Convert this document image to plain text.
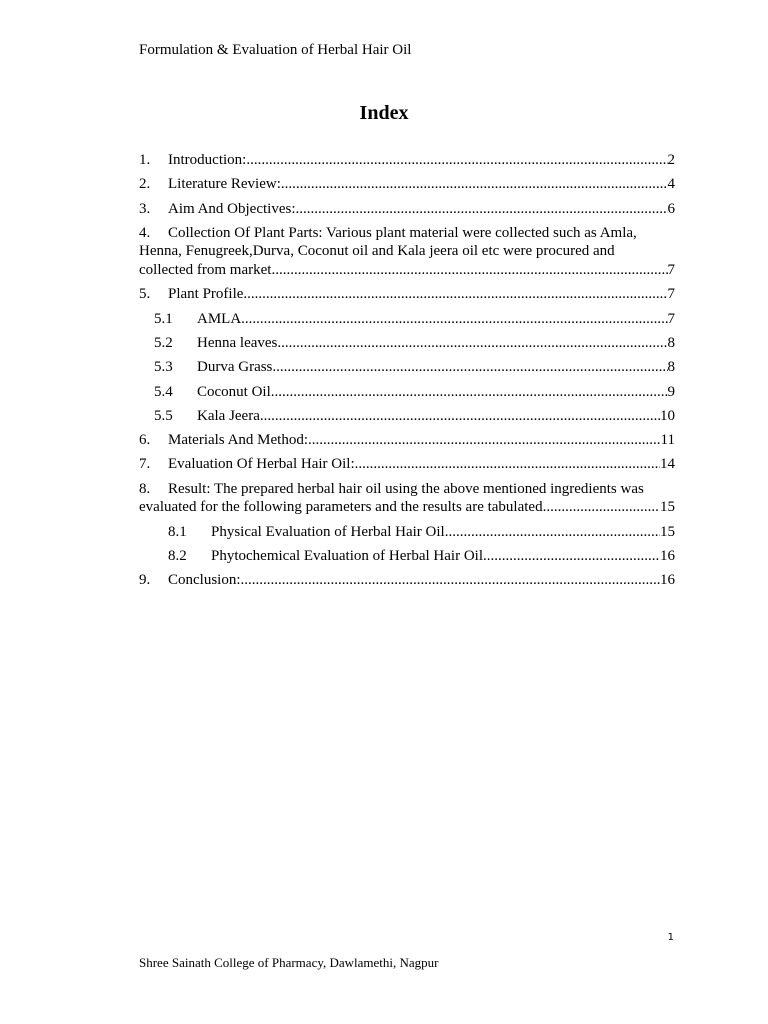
Formulation & Evaluation of Herbal Hair Oil
Index
1.	Introduction: .....	2
2.	Literature Review: .....	4
3.	Aim And Objectives: .....	6
4. Collection Of Plant Parts: Various plant material were collected such as Amla,
Henna, Fenugreek,Durva, Coconut oil and Kala jeera oil etc were procured and
collected from market .....	7
5.	Plant Profile .....	7
5.1	AMLA .....	7
5.2	Henna leaves .....	8
5.3	Durva Grass .....	8
5.4	Coconut Oil .....	9
5.5	Kala Jeera .....	10
6.	Materials And Method: .....	11
7.	Evaluation Of Herbal Hair Oil: .....	14
8. Result: The prepared herbal hair oil using the above mentioned ingredients was
evaluated for the following parameters and the results are tabulated .....	15
8.1	Physical Evaluation of Herbal Hair Oil .....	15
8.2	Phytochemical Evaluation of Herbal Hair Oil .....	16
9.	Conclusion: .....	16
1
Shree Sainath College of Pharmacy, Dawlamethi, Nagpur
